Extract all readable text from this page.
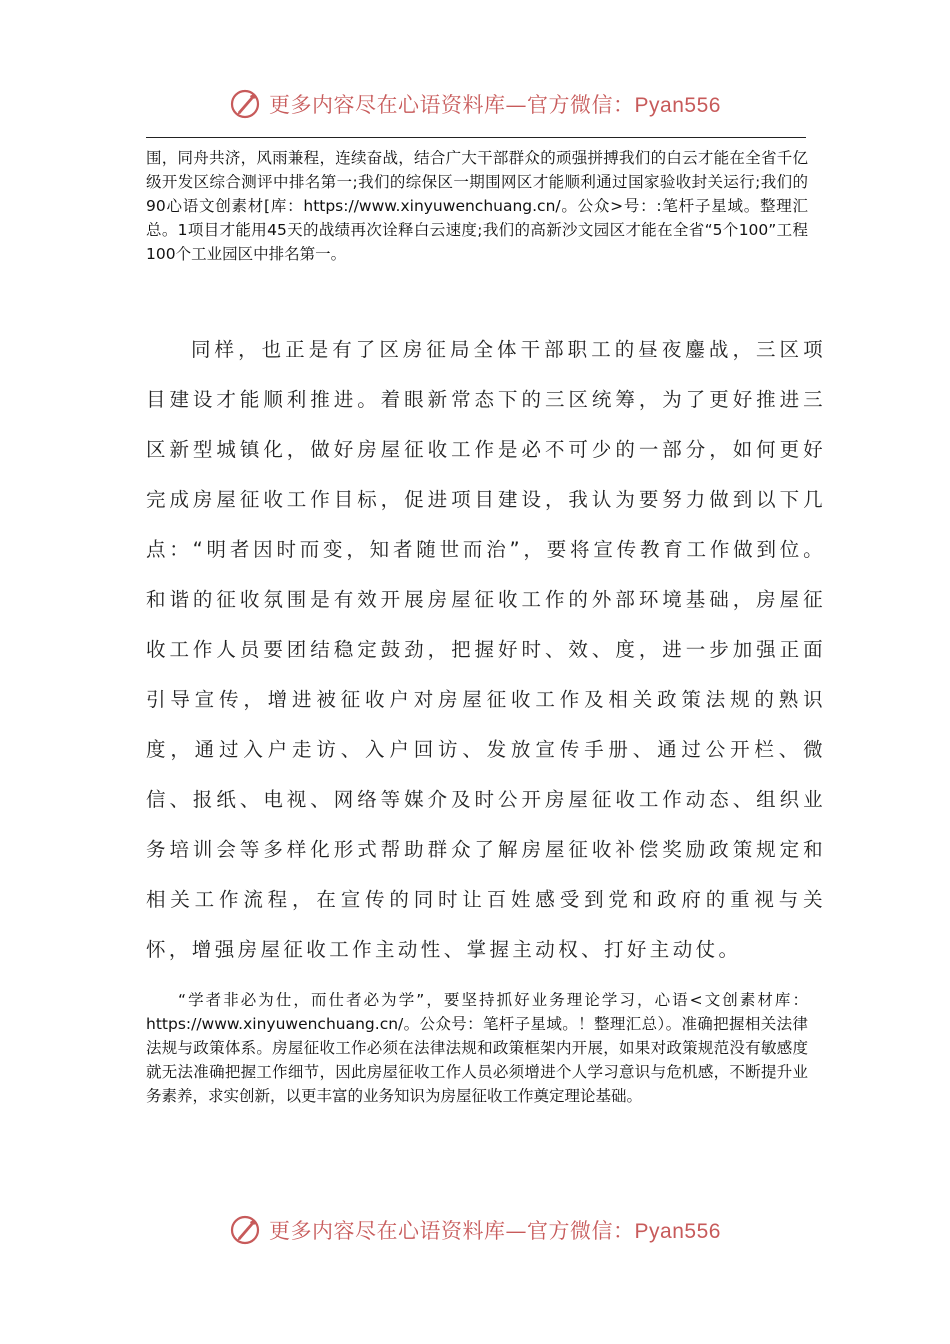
更多内容尽在心语资料库—官方微信：Pyan556

围，同舟共济，风雨兼程，连续奋战，结合广大干部群众的顽强拼搏我们的白云才能在全省千亿级开发区综合测评中排名第一;我们的综保区一期围网区才能顺利通过国家验收封关运行;我们的90心语文创素材[库：https://www.xinyuwenchuang.cn/。公众>号：:笔杆子星域。整理汇总。1项目才能用45天的战绩再次诠释白云速度;我们的高新沙文园区才能在全省“5个100”工程100个工业园区中排名第一。

同样，也正是有了区房征局全体干部职工的昼夜鏖战，三区项目建设才能顺利推进。着眼新常态下的三区统筹，为了更好推进三区新型城镇化，做好房屋征收工作是必不可少的一部分，如何更好完成房屋征收工作目标，促进项目建设，我认为要努力做到以下几点：“明者因时而变，知者随世而治”，要将宣传教育工作做到位。和谐的征收氛围是有效开展房屋征收工作的外部环境基础，房屋征收工作人员要团结稳定鼓劲，把握好时、效、度，进一步加强正面引导宣传，增进被征收户对房屋征收工作及相关政策法规的熟识度，通过入户走访、入户回访、发放宣传手册、通过公开栏、微信、报纸、电视、网络等媒介及时公开房屋征收工作动态、组织业务培训会等多样化形式帮助群众了解房屋征收补偿奖励政策规定和相关工作流程，在宣传的同时让百姓感受到党和政府的重视与关怀，增强房屋征收工作主动性、掌握主动权、打好主动仗。

“学者非必为仕，而仕者必为学”，要坚持抓好业务理论学习，心语<文创素材库：https://www.xinyuwenchuang.cn/。公众号：笔杆子星域。！整理汇总）。准确把握相关法律法规与政策体系。房屋征收工作必须在法律法规和政策框架内开展，如果对政策规范没有敏感度就无法准确把握工作细节，因此房屋征收工作人员必须增进个人学习意识与危机感，不断提升业务素养，求实创新，以更丰富的业务知识为房屋征收工作奠定理论基础。

更多内容尽在心语资料库—官方微信：Pyan556
